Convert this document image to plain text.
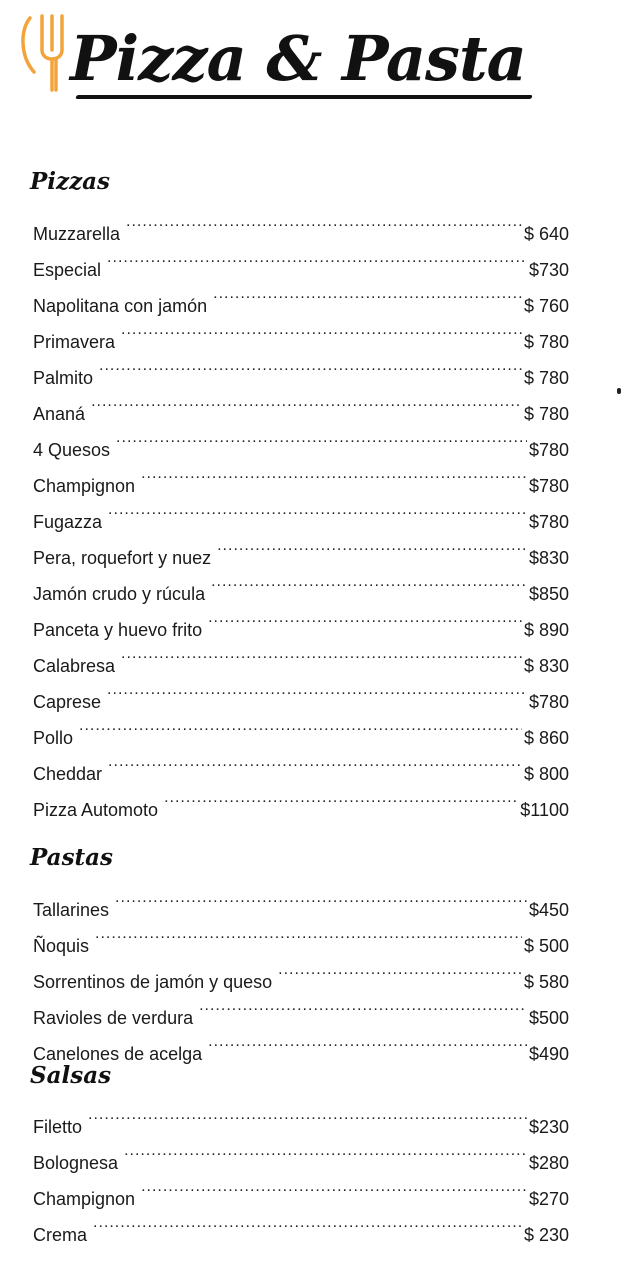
Pizza & Pasta
Pizzas
Muzzarella .....	$ 640
Especial .....	$730
Napolitana con jamón .....	$ 760
Primavera .....	$ 780
Palmito .....	$ 780
Ananá .....	$ 780
4 Quesos .....	$780
Champignon .....	$780
Fugazza .....	$780
Pera, roquefort y nuez .....	$830
Jamón crudo y rúcula .....	$850
Panceta y huevo frito .....	$ 890
Calabresa .....	$ 830
Caprese .....	$780
Pollo .....	$ 860
Cheddar .....	$ 800
Pizza Automoto .....	$1100
Pastas
Tallarines .....	$450
Ñoquis .....	$ 500
Sorrentinos de jamón y queso .....	$ 580
Ravioles de verdura .....	$500
Canelones de acelga .....	$490
Salsas
Filetto .....	$230
Bolognesa .....	$280
Champignon .....	$270
Crema .....	$ 230
